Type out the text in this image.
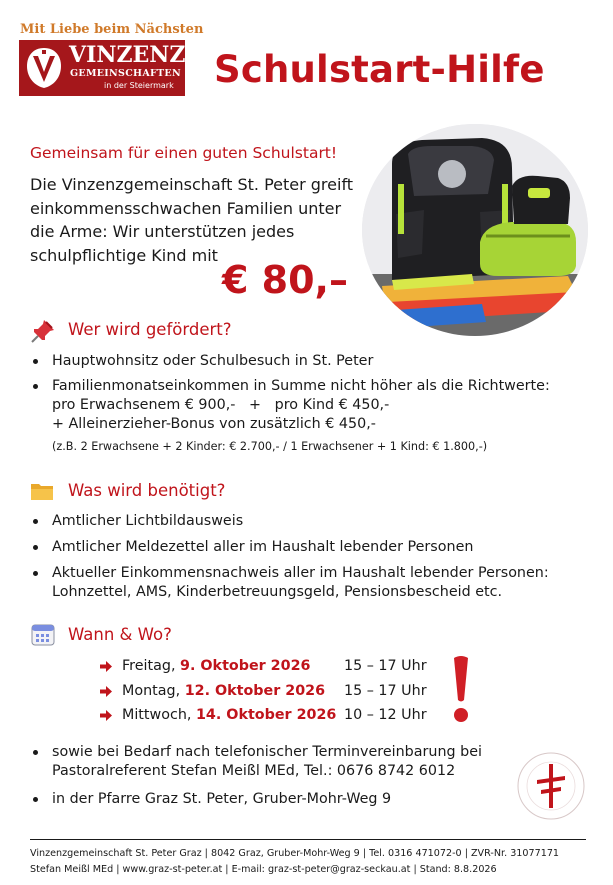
Mit Liebe beim Nächsten
VINZENZ
GEMEINSCHAFTEN
in der Steiermark Schulstart-Hilfe
Gemeinsam für einen guten Schulstart!
Die Vinzenzgemeinschaft St. Peter greift einkommensschwachen Familien unter die Arme: Wir unterstützen jedes schulpflichtige Kind mit
€ 80,–
Wer wird gefördert?
Hauptwohnsitz oder Schulbesuch in St. Peter
Familienmonatseinkommen in Summe nicht höher als die Richtwerte:
pro Erwachsenem € 900,-   +   pro Kind € 450,-
+ Alleinerzieher-Bonus von zusätzlich € 450,-
(z.B. 2 Erwachsene + 2 Kinder: € 2.700,- / 1 Erwachsener + 1 Kind: € 1.800,-)
Was wird benötigt?
Amtlicher Lichtbildausweis
Amtlicher Meldezettel aller im Haushalt lebender Personen
Aktueller Einkommensnachweis aller im Haushalt lebender Personen: Lohnzettel, AMS, Kinderbetreuungsgeld, Pensionsbescheid etc.
Wann & Wo?
Freitag, 9. Oktober 2026 15 – 17 Uhr
Montag, 12. Oktober 2026 15 – 17 Uhr
Mittwoch, 14. Oktober 2026 10 – 12 Uhr
sowie bei Bedarf nach telefonischer Terminvereinbarung bei Pastoralreferent Stefan Meißl MEd, Tel.: 0676 8742 6012
in der Pfarre Graz St. Peter, Gruber-Mohr-Weg 9
Vinzenzgemeinschaft St. Peter Graz | 8042 Graz, Gruber-Mohr-Weg 9 | Tel. 0316 471072-0 | ZVR-Nr. 31077171
Stefan Meißl MEd | www.graz-st-peter.at | E-mail: graz-st-peter@graz-seckau.at | Stand: 8.8.2026
